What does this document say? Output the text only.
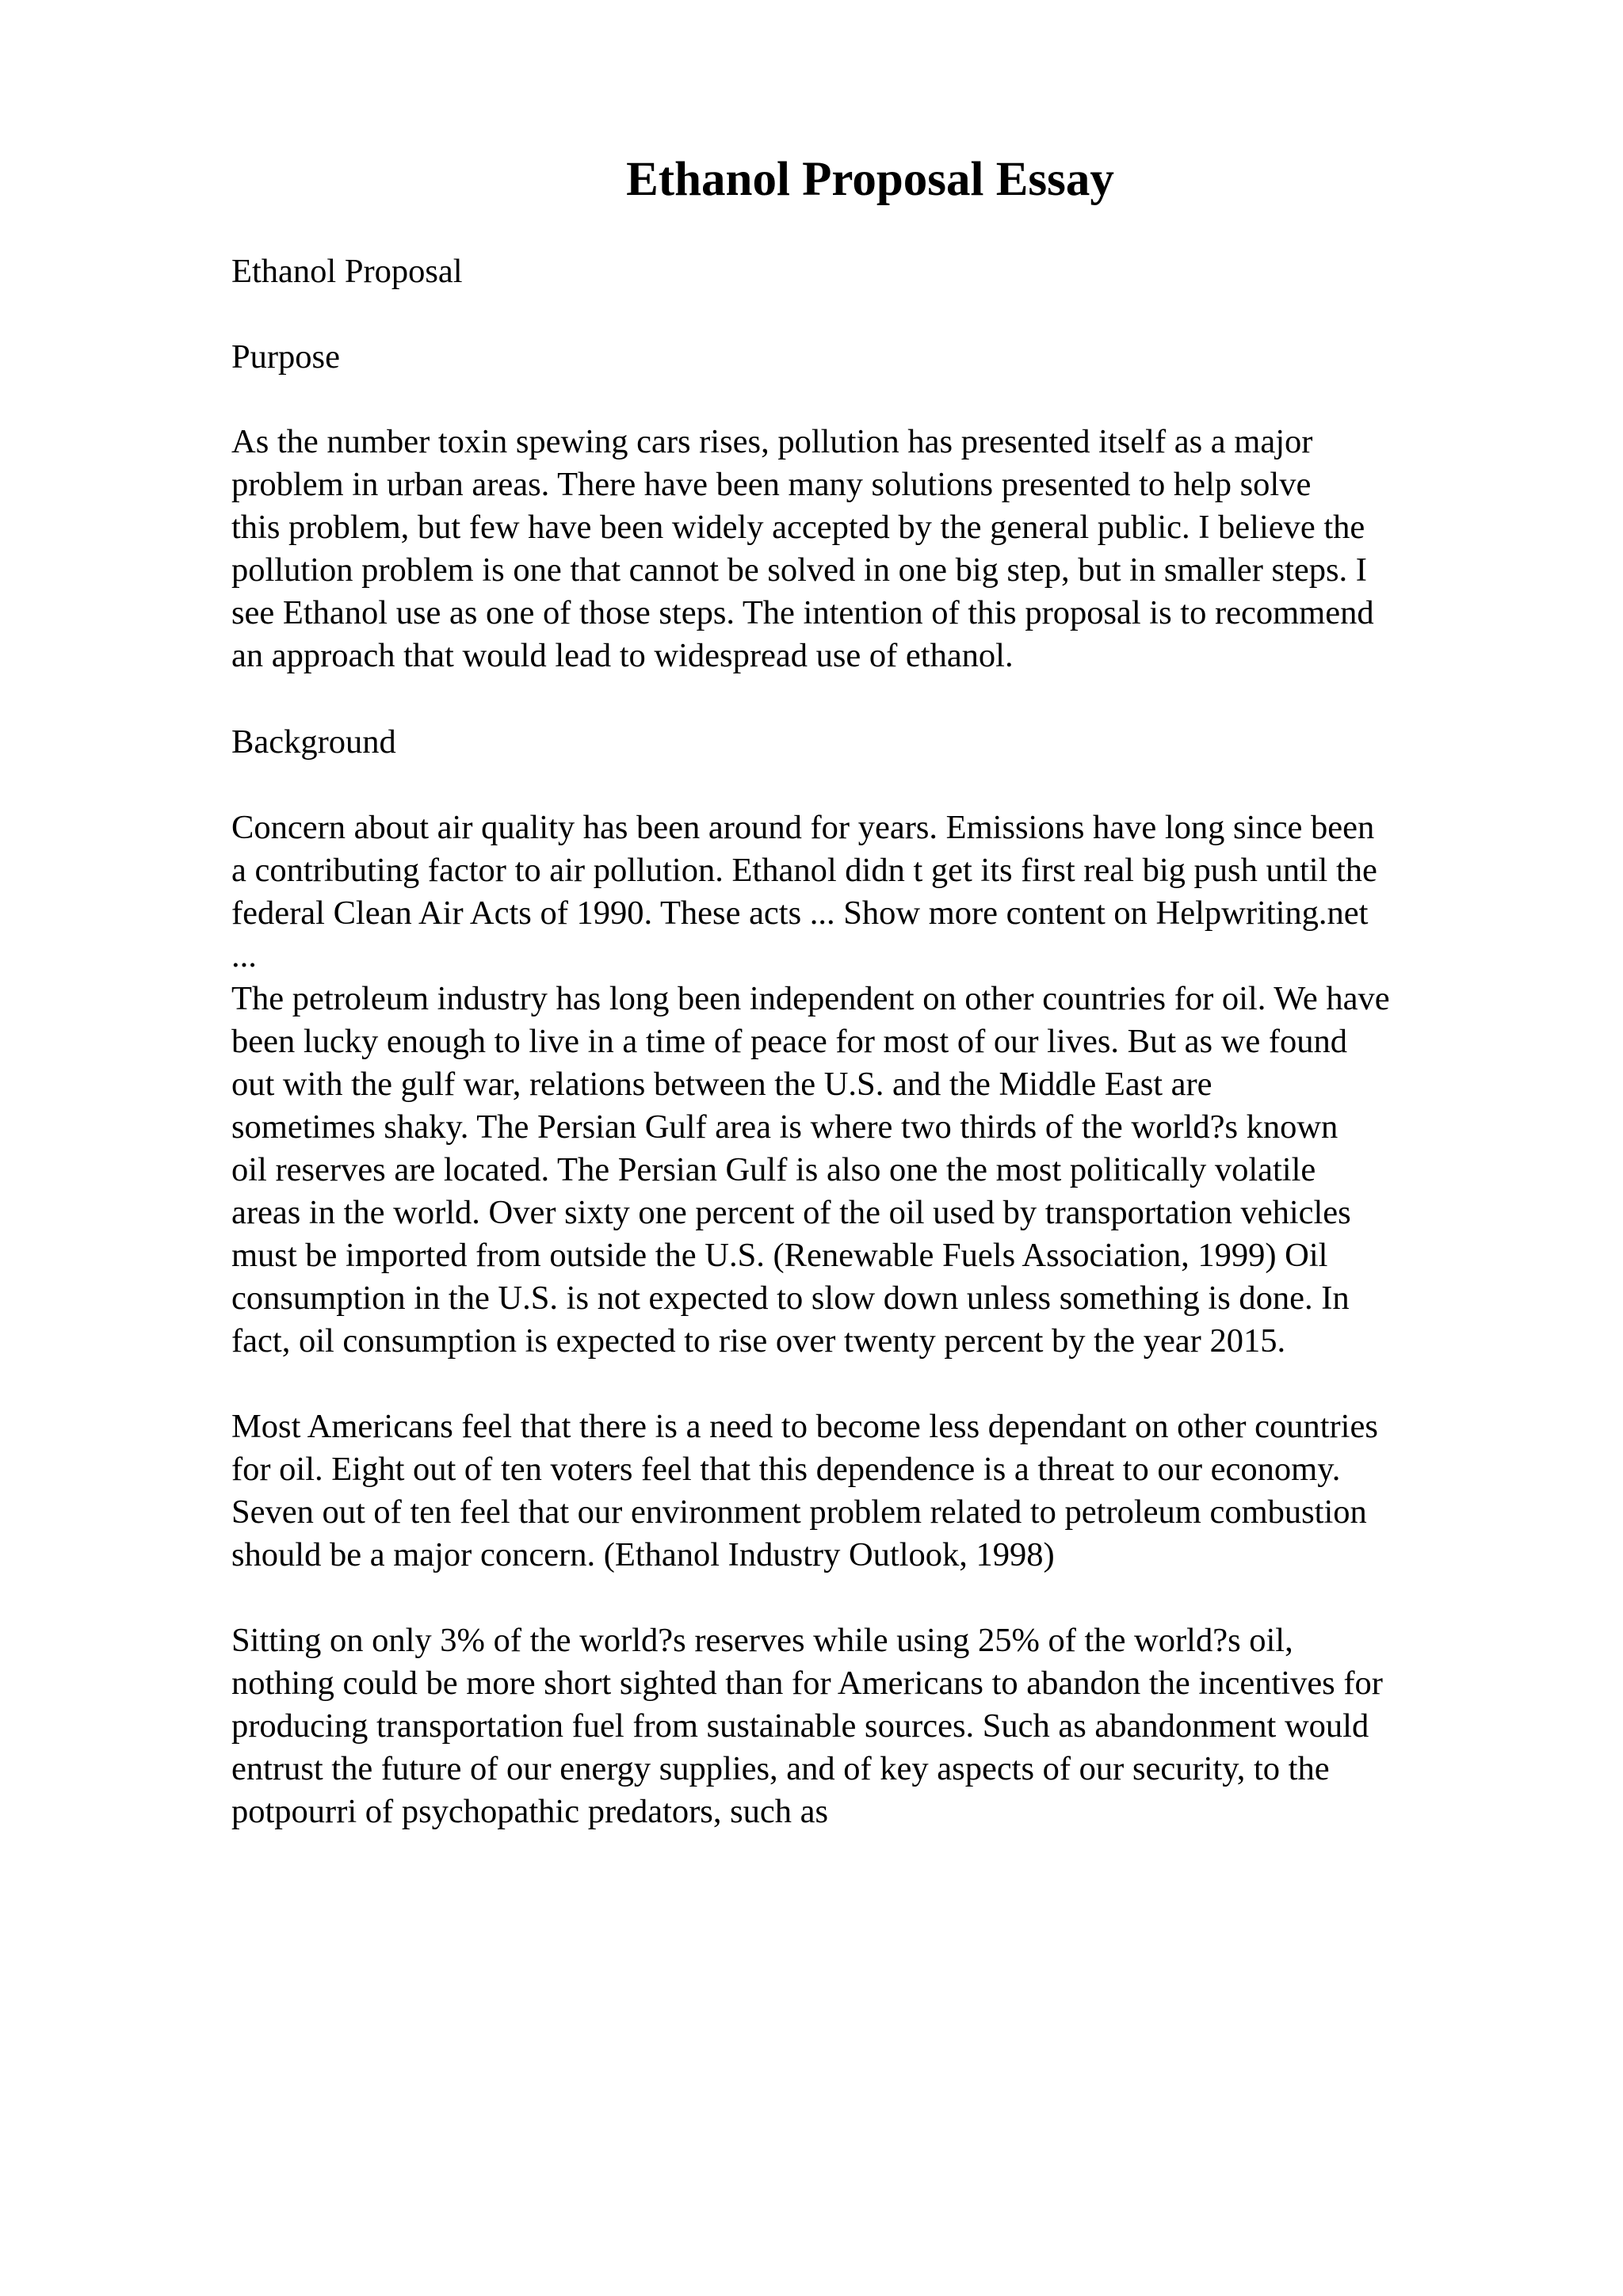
Ethanol Proposal Essay

Ethanol Proposal

Purpose

As the number toxin spewing cars rises, pollution has presented itself as a major
problem in urban areas. There have been many solutions presented to help solve
this problem, but few have been widely accepted by the general public. I believe the
pollution problem is one that cannot be solved in one big step, but in smaller steps. I
see Ethanol use as one of those steps. The intention of this proposal is to recommend
an approach that would lead to widespread use of ethanol.

Background

Concern about air quality has been around for years. Emissions have long since been
a contributing factor to air pollution. Ethanol didn t get its first real big push until the
federal Clean Air Acts of 1990. These acts ... Show more content on Helpwriting.net
...
The petroleum industry has long been independent on other countries for oil. We have
been lucky enough to live in a time of peace for most of our lives. But as we found
out with the gulf war, relations between the U.S. and the Middle East are
sometimes shaky. The Persian Gulf area is where two thirds of the world?s known
oil reserves are located. The Persian Gulf is also one the most politically volatile
areas in the world. Over sixty one percent of the oil used by transportation vehicles
must be imported from outside the U.S. (Renewable Fuels Association, 1999) Oil
consumption in the U.S. is not expected to slow down unless something is done. In
fact, oil consumption is expected to rise over twenty percent by the year 2015.
Most Americans feel that there is a need to become less dependant on other countries
for oil. Eight out of ten voters feel that this dependence is a threat to our economy.
Seven out of ten feel that our environment problem related to petroleum combustion
should be a major concern. (Ethanol Industry Outlook, 1998)
Sitting on only 3% of the world?s reserves while using 25% of the world?s oil,
nothing could be more short sighted than for Americans to abandon the incentives for
producing transportation fuel from sustainable sources. Such as abandonment would
entrust the future of our energy supplies, and of key aspects of our security, to the
potpourri of psychopathic predators, such as
